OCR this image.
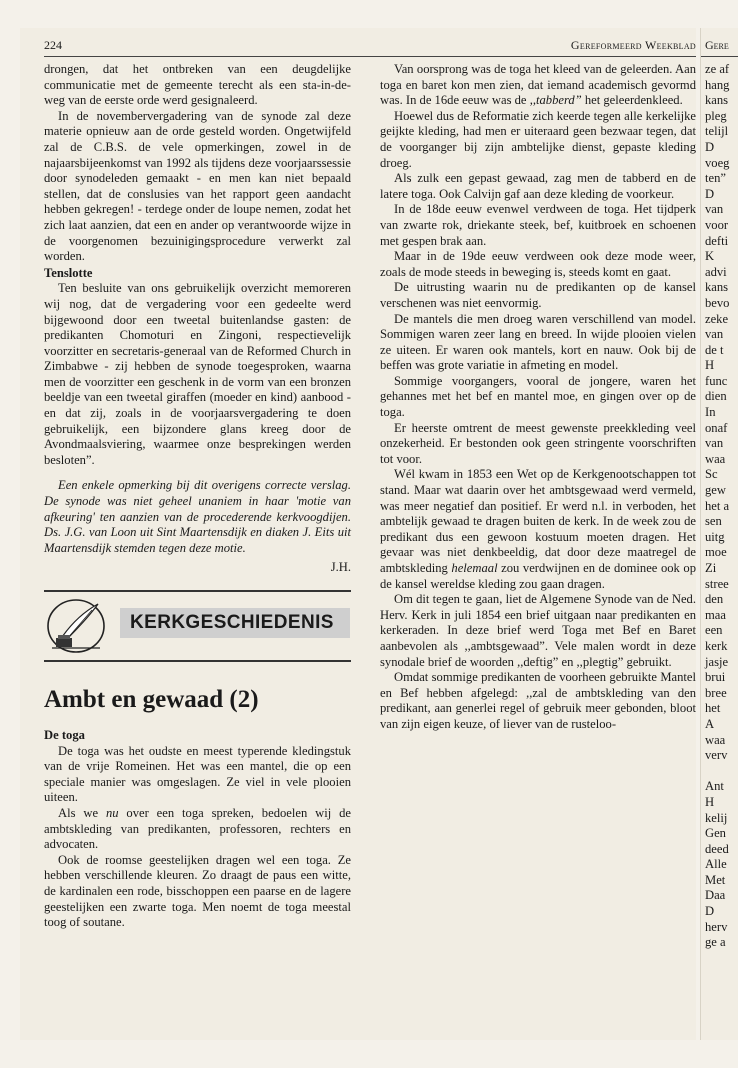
224	Gereformeerd Weekblad

drongen, dat het ontbreken van een deugdelijke communicatie met de gemeente terecht als een sta-in-de-weg van de eerste orde werd gesignaleerd.

In de novembervergadering van de synode zal deze materie opnieuw aan de orde gesteld worden. Ongetwijfeld zal de C.B.S. de vele opmerkingen, zowel in de najaarsbijeenkomst van 1992 als tijdens deze voorjaarssessie door synodeleden gemaakt - en men kan niet bepaald stellen, dat de conslusies van het rapport geen aandacht hebben gekregen! - terdege onder de loupe nemen, zodat het zich laat aanzien, dat een en ander op verantwoorde wijze in de voorgenomen bezuinigingsprocedure verwerkt zal worden.

Tenslotte

Ten besluite van ons gebruikelijk overzicht memoreren wij nog, dat de vergadering voor een gedeelte werd bijgewoond door een tweetal buitenlandse gasten: de predikanten Chomoturi en Zingoni, respectievelijk voorzitter en secretaris-generaal van de Reformed Church in Zimbabwe - zij hebben de synode toegesproken, waarna men de voorzitter een geschenk in de vorm van een bronzen beeldje van een tweetal giraffen (moeder en kind) aanbood - en dat zij, zoals in de voorjaarsvergadering te doen gebruikelijk, een bijzondere glans kreeg door de Avondmaalsviering, waarmee onze besprekingen werden besloten”.

Een enkele opmerking bij dit overigens correcte verslag. De synode was niet geheel unaniem in haar 'motie van afkeuring' ten aanzien van de procederende kerkvoogdijen. Ds. J.G. van Loon uit Sint Maartensdijk en diaken J. Eits uit Maartensdijk stemden tegen deze motie.

J.H.

KERKGESCHIEDENIS
Ambt en gewaad (2)

De toga

De toga was het oudste en meest typerende kledingstuk van de vrije Romeinen. Het was een mantel, die op een speciale manier was omgeslagen. Ze viel in vele plooien uiteen.

Als we nu over een toga spreken, bedoelen wij de ambtskleding van predikanten, professoren, rechters en advocaten.

Ook de roomse geestelijken dragen wel een toga. Ze hebben verschillende kleuren. Zo draagt de paus een witte, de kardinalen een rode, bisschoppen een paarse en de lagere geestelijken een zwarte toga. Men noemt de toga meestal toog of soutane.

Van oorsprong was de toga het kleed van de geleerden. Aan toga en baret kon men zien, dat iemand academisch gevormd was. In de 16de eeuw was de ,,tabberd” het geleerdenkleed.

Hoewel dus de Reformatie zich keerde tegen alle kerkelijke geijkte kleding, had men er uiteraard geen bezwaar tegen, dat de voorganger bij zijn ambtelijke dienst, gepaste kleding droeg.

Als zulk een gepast gewaad, zag men de tabberd en de latere toga. Ook Calvijn gaf aan deze kleding de voorkeur.

In de 18de eeuw evenwel verdween de toga. Het tijdperk van zwarte rok, driekante steek, bef, kuitbroek en schoenen met gespen brak aan.

Maar in de 19de eeuw verdween ook deze mode weer, zoals de mode steeds in beweging is, steeds komt en gaat.

De uitrusting waarin nu de predikanten op de kansel verschenen was niet eenvormig.

De mantels die men droeg waren verschillend van model. Sommigen waren zeer lang en breed. In wijde plooien vielen ze uiteen. Er waren ook mantels, kort en nauw. Ook bij de beffen was grote variatie in afmeting en model.

Sommige voorgangers, vooral de jongere, waren het gehannes met het bef en mantel moe, en gingen over op de toga.

Er heerste omtrent de meest gewenste preekkleding veel onzekerheid. Er bestonden ook geen stringente voorschriften tot voor.

Wél kwam in 1853 een Wet op de Kerkgenootschappen tot stand. Maar wat daarin over het ambtsgewaad werd vermeld, was meer negatief dan positief. Er werd n.l. in verboden, het ambtelijk gewaad te dragen buiten de kerk. In de week zou de predikant dus een gewoon kostuum moeten dragen. Het gevaar was niet denkbeeldig, dat door deze maatregel de ambtskleding helemaal zou verdwijnen en de dominee ook op de kansel wereldse kleding zou gaan dragen.

Om dit tegen te gaan, liet de Algemene Synode van de Ned. Herv. Kerk in juli 1854 een brief uitgaan naar predikanten en kerkeraden. In deze brief werd Toga met Bef en Baret aanbevolen als ,,ambtsgewaad”. Vele malen wordt in deze synodale brief de woorden ,,deftig” en ,,plegtig” gebruikt.

Omdat sommige predikanten de voorheen gebruikte Mantel en Bef hebben afgelegd: ,,zal de ambtskleding van den predikant, aan generlei regel of gebruik meer gebonden, bloot van zijn eigen keuze, of liever van de rusteloo-

Gere
ze af
hang
kans
pleg
telijl
D
voeg
ten”
D
van
voor
defti
K
advi
kans
bevo
zeke
van
de t
H
func
dien
In
onaf
van
waa
Sc
gew
het a
sen
uitg
moe
Zi
stree
den
maa
een
kerk
jasje
brui
bree
het
A
waa
verv
Ant
H
kelij
Gen
deed
Alle
Met
Daa
D
herv
ge a
